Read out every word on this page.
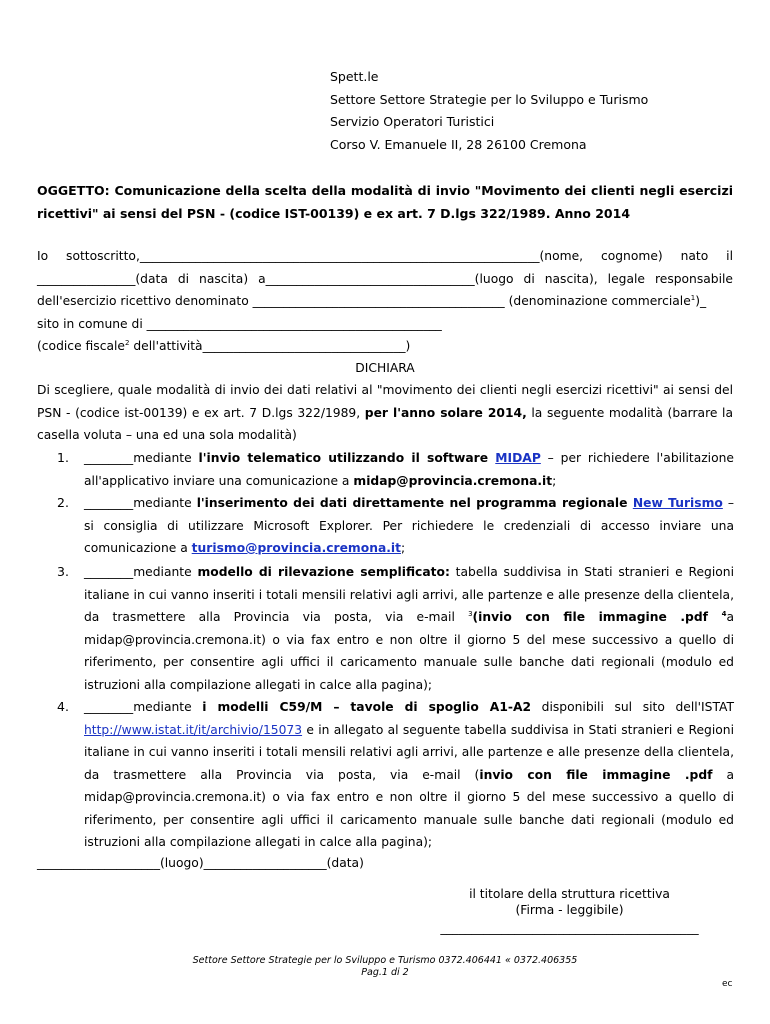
Spett.le
Settore Settore Strategie per lo Sviluppo e Turismo
Servizio Operatori Turistici
Corso V. Emanuele II, 28 26100 Cremona
OGGETTO: Comunicazione della scelta della modalità di invio "Movimento dei clienti negli esercizi ricettivi" ai sensi del PSN - (codice IST-00139) e ex art. 7 D.lgs 322/1989. Anno 2014
Io sottoscritto,_________________________________________________________________(nome, cognome) nato il
________________(data di nascita) a__________________________________(luogo di nascita), legale responsabile
dell'esercizio ricettivo denominato _________________________________________ (denominazione commerciale$^1$)_
sito in comune di ________________________________________________
(codice fiscale$^2$ dell'attività_________________________________)
DICHIARA
Di scegliere, quale modalità di invio dei dati relativi al "movimento dei clienti negli esercizi ricettivi" ai sensi del PSN - (codice ist-00139) e ex art. 7 D.lgs 322/1989, per l'anno solare 2014, la seguente modalità (barrare la casella voluta – una ed una sola modalità)
1. ________mediante l'invio telematico utilizzando il software MIDAP – per richiedere l'abilitazione all'applicativo inviare una comunicazione a midap@provincia.cremona.it;
2. ________mediante l'inserimento dei dati direttamente nel programma regionale New Turismo – si consiglia di utilizzare Microsoft Explorer. Per richiedere le credenziali di accesso inviare una comunicazione a turismo@provincia.cremona.it;
3. ________mediante modello di rilevazione semplificato: tabella suddivisa in Stati stranieri e Regioni italiane in cui vanno inseriti i totali mensili relativi agli arrivi, alle partenze e alle presenze della clientela, da trasmettere alla Provincia via posta, via e-mail $^3$(invio con file immagine .pdf $^4$a midap@provincia.cremona.it) o via fax entro e non oltre il giorno 5 del mese successivo a quello di riferimento, per consentire agli uffici il caricamento manuale sulle banche dati regionali (modulo ed istruzioni alla compilazione allegati in calce alla pagina);
4. ________mediante i modelli C59/M – tavole di spoglio A1-A2 disponibili sul sito dell'ISTAT http://www.istat.it/it/archivio/15073 e in allegato al seguente tabella suddivisa in Stati stranieri e Regioni italiane in cui vanno inseriti i totali mensili relativi agli arrivi, alle partenze e alle presenze della clientela, da trasmettere alla Provincia via posta, via e-mail (invio con file immagine .pdf a midap@provincia.cremona.it) o via fax entro e non oltre il giorno 5 del mese successivo a quello di riferimento, per consentire agli uffici il caricamento manuale sulle banche dati regionali (modulo ed istruzioni alla compilazione allegati in calce alla pagina);
____________________(luogo)____________________(data)
il titolare della struttura ricettiva
(Firma - leggibile)
__________________________________________
Settore Settore Strategie per lo Sviluppo e Turismo 0372.406441 « 0372.406355
Pag.1 di 2
ec
